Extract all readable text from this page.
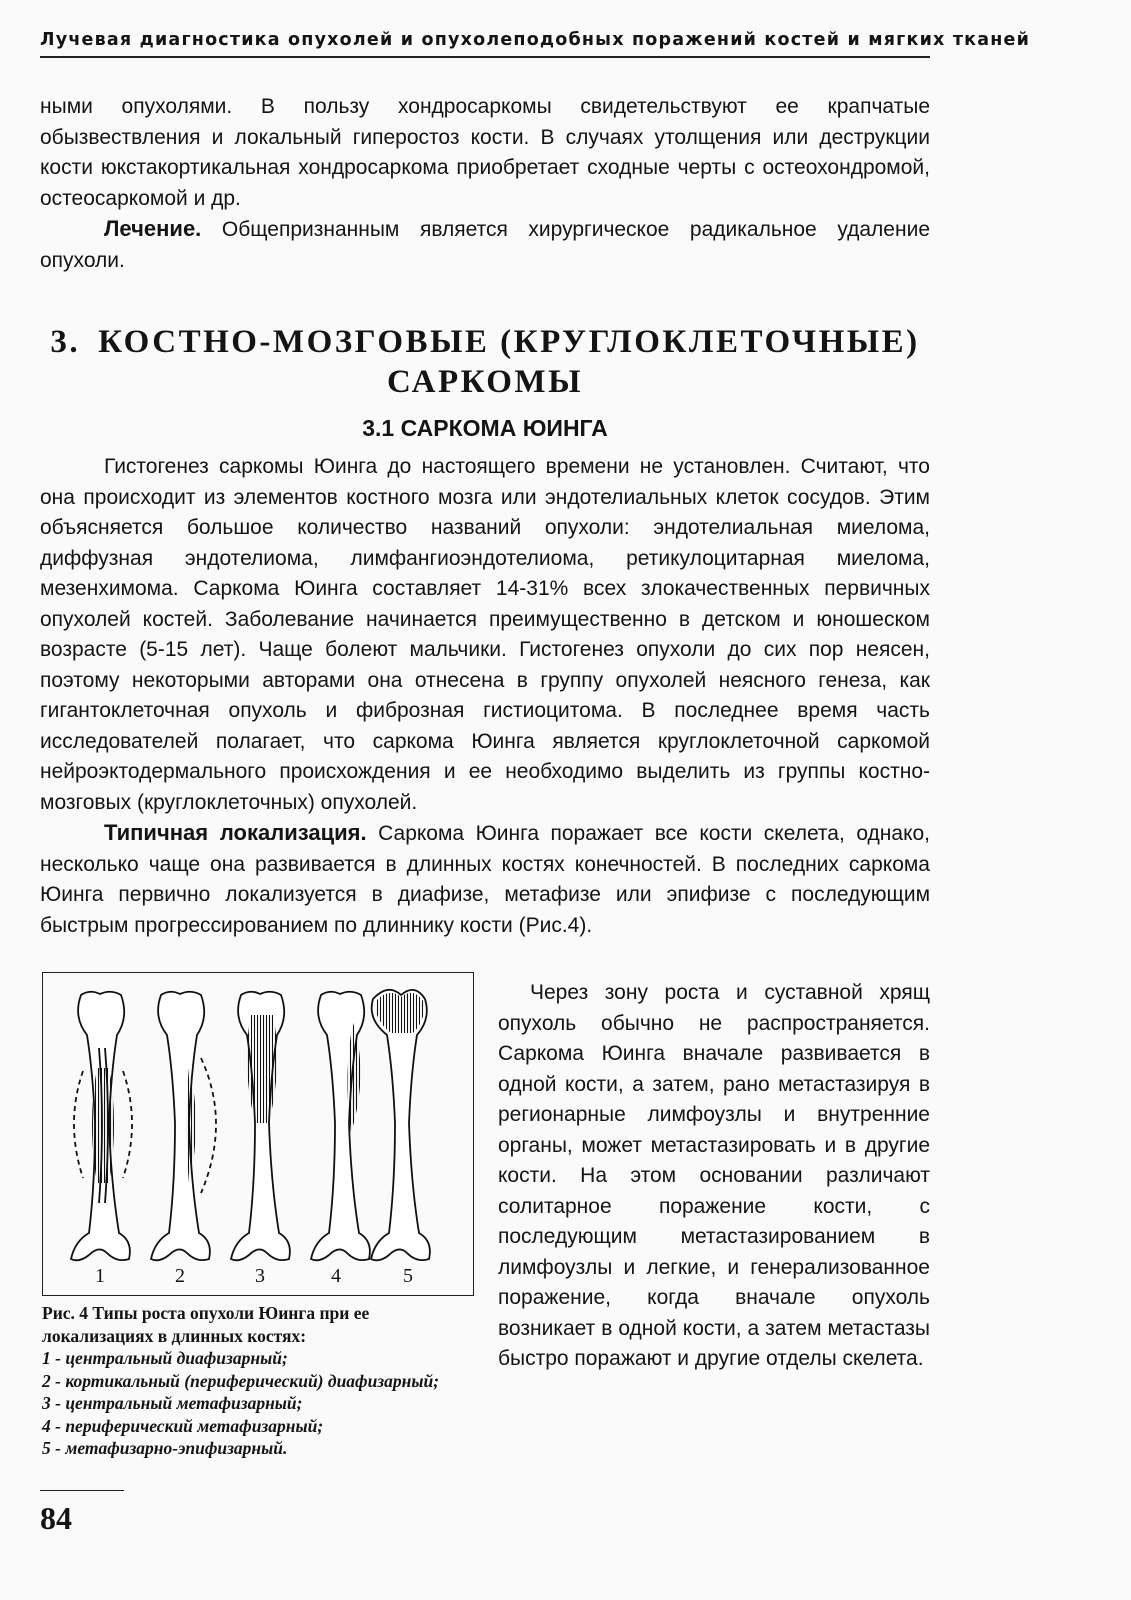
Лучевая диагностика опухолей и опухолеподобных поражений костей и мягких тканей

ными опухолями. В пользу хондросаркомы свидетельствуют ее крапчатые обызвествления и локальный гиперостоз кости. В случаях утолщения или деструкции кости юкстакортикальная хондросаркома приобретает сходные черты с остеохондромой, остеосаркомой и др.

Лечение. Общепризнанным является хирургическое радикальное удаление опухоли.

3. КОСТНО-МОЗГОВЫЕ (КРУГЛОКЛЕТОЧНЫЕ) САРКОМЫ
3.1 САРКОМА ЮИНГА

Гистогенез саркомы Юинга до настоящего времени не установлен. Считают, что она происходит из элементов костного мозга или эндотелиальных клеток сосудов. Этим объясняется большое количество названий опухоли: эндотелиальная миелома, диффузная эндотелиома, лимфангиоэндотелиома, ретикулоцитарная миелома, мезенхимома. Саркома Юинга составляет 14-31% всех злокачественных первичных опухолей костей. Заболевание начинается преимущественно в детском и юношеском возрасте (5-15 лет). Чаще болеют мальчики. Гистогенез опухоли до сих пор неясен, поэтому некоторыми авторами она отнесена в группу опухолей неясного генеза, как гигантоклеточная опухоль и фиброзная гистиоцитома. В последнее время часть исследователей полагает, что саркома Юинга является круглоклеточной саркомой нейроэктодермального происхождения и ее необходимо выделить из группы костно-мозговых (круглоклеточных) опухолей.

Типичная локализация. Саркома Юинга поражает все кости скелета, однако, несколько чаще она развивается в длинных костях конечностей. В последних саркома Юинга первично локализуется в диафизе, метафизе или эпифизе с последующим быстрым прогрессированием по длиннику кости (Рис.4).

1	2	3	4	5
Рис. 4 Типы роста опухоли Юинга при ее локализациях в длинных костях:
1 - центральный диафизарный;
2 - кортикальный (периферический) диафизарный;
3 - центральный метафизарный;
4 - периферический метафизарный;
5 - метафизарно-эпифизарный.

Через зону роста и суставной хрящ опухоль обычно не распространяется. Саркома Юинга вначале развивается в одной кости, а затем, рано метастазируя в регионарные лимфоузлы и внутренние органы, может метастазировать и в другие кости. На этом основании различают солитарное поражение кости, с последующим метастазированием в лимфоузлы и легкие, и генерализованное поражение, когда вначале опухоль возникает в одной кости, а затем метастазы быстро поражают и другие отделы скелета.

84
